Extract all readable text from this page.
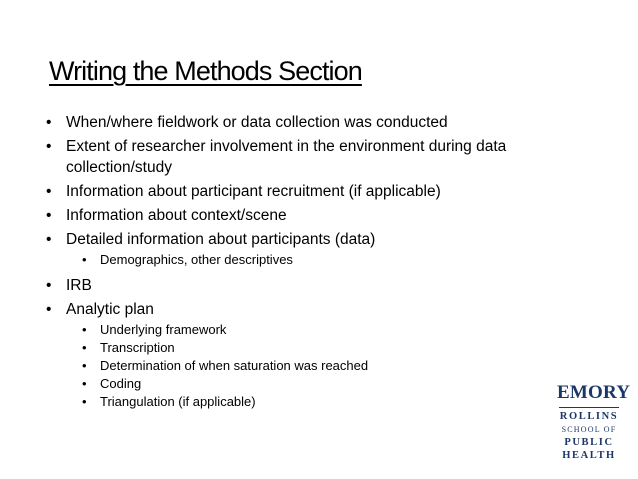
Writing the Methods Section
• When/where fieldwork or data collection was conducted
• Extent of researcher involvement in the environment during data
collection/study
• Information about participant recruitment (if applicable)
• Information about context/scene
• Detailed information about participants (data)
• Demographics, other descriptives
• IRB
• Analytic plan
• Underlying framework
• Transcription
• Determination of when saturation was reached
• Coding
• Triangulation (if applicable)	EMORY
ROLLINS
SCHOOL OF
PUBLIC
HEALTH
